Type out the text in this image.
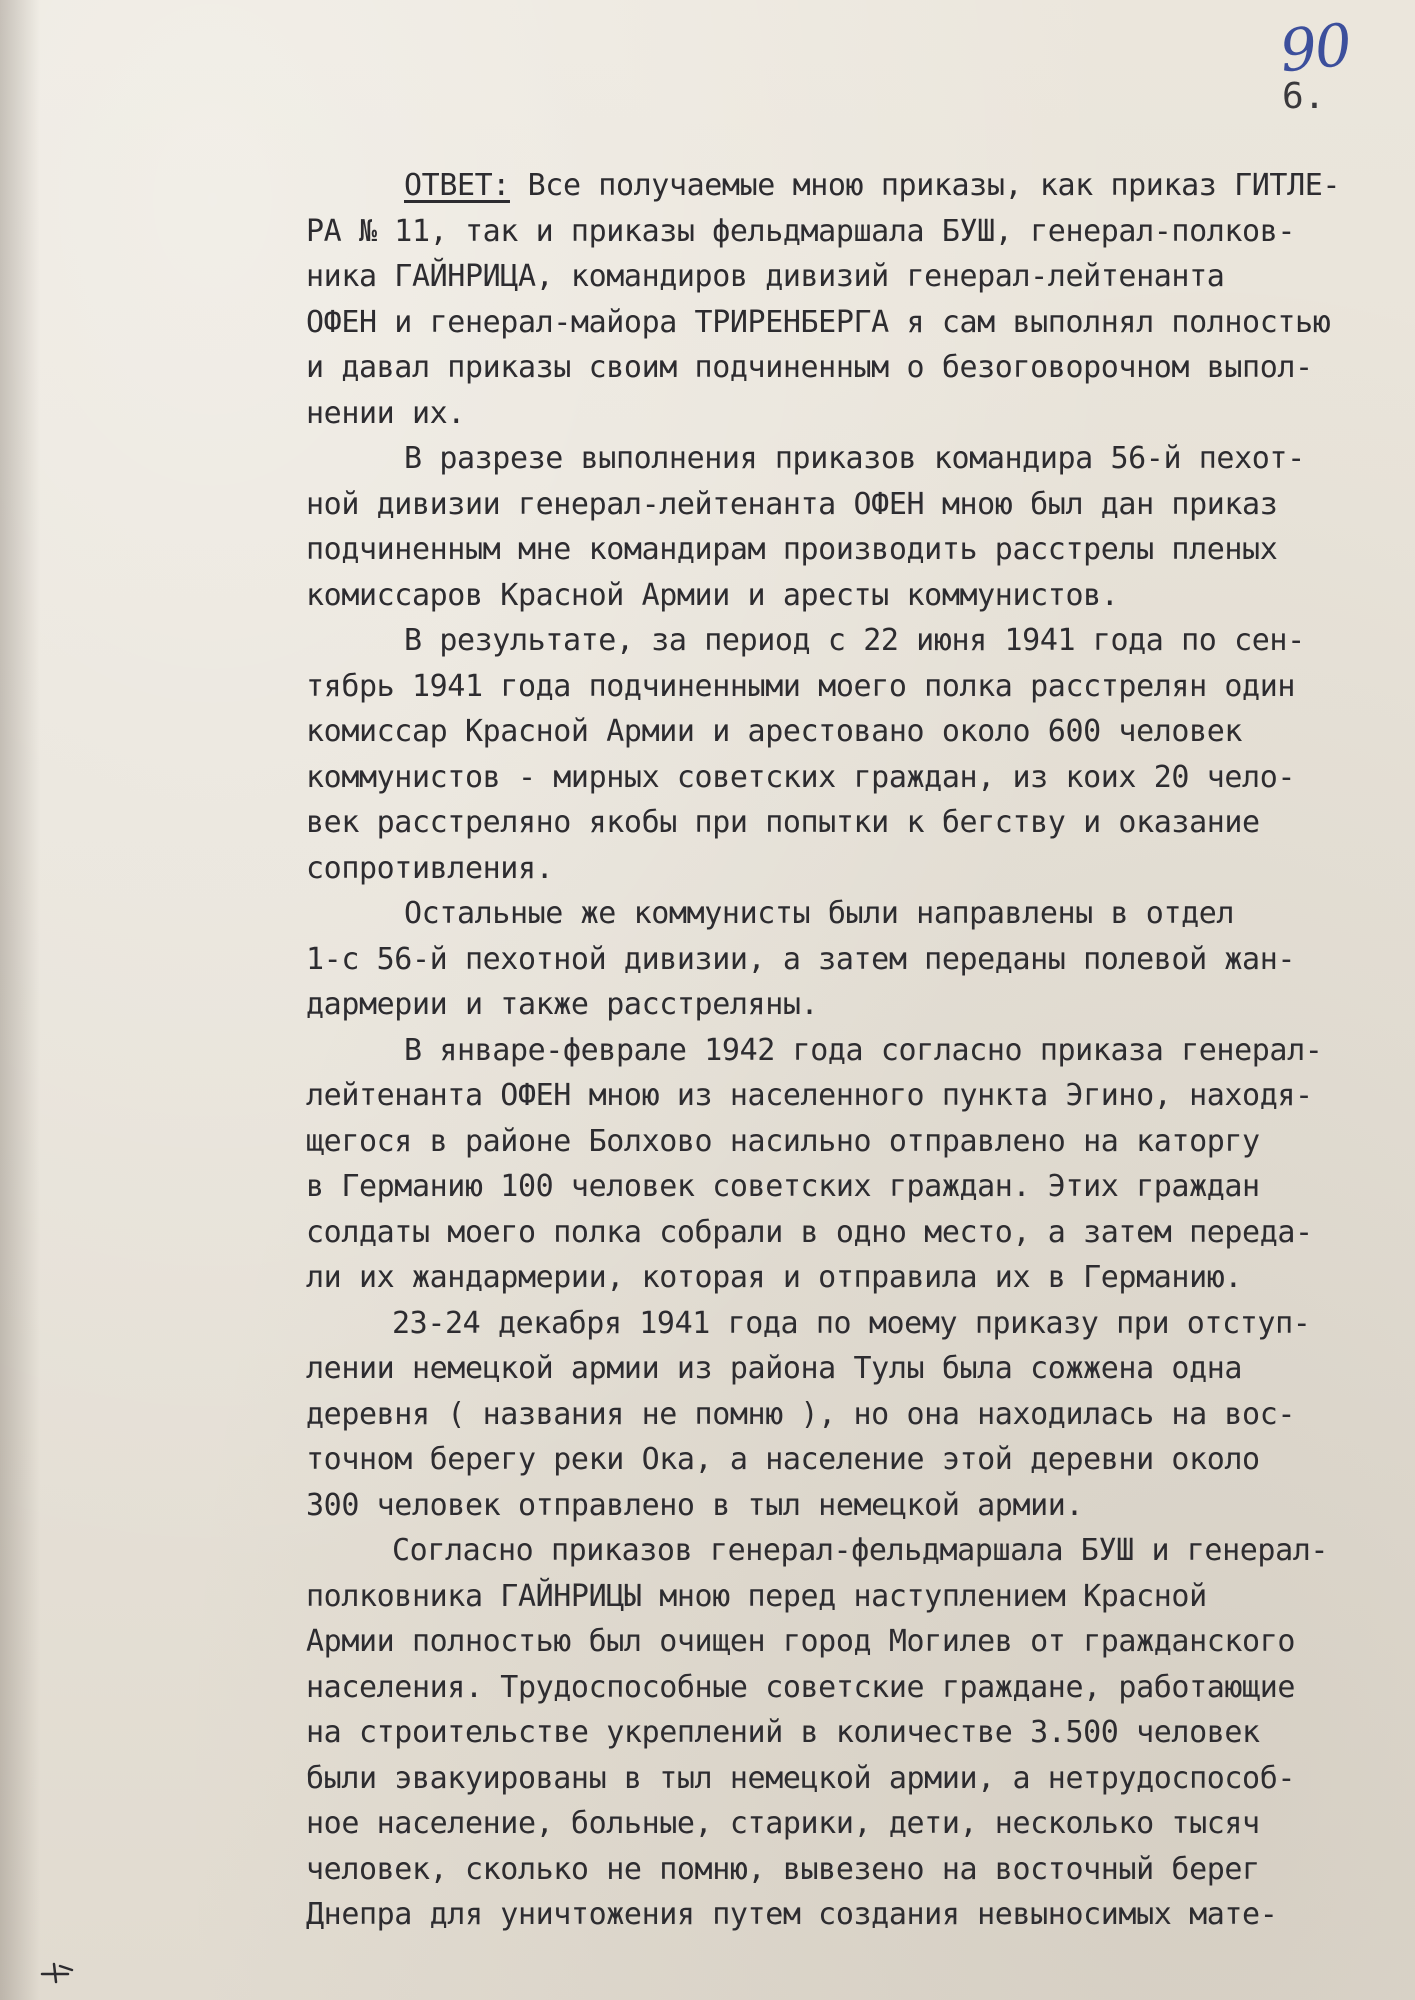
90
6.
ОТВЕТ: Все получаемые мною приказы, как приказ ГИТЛЕ-
РА № 11, так и приказы фельдмаршала БУШ, генерал-полков-
ника ГАЙНРИЦА, командиров дивизий генерал-лейтенанта
ОФЕН и генерал-майора ТРИРЕНБЕРГА я сам выполнял полностью
и давал приказы своим подчиненным о безоговорочном выпол-
нении их.
В разрезе выполнения приказов командира 56-й пехот-
ной дивизии генерал-лейтенанта ОФЕН мною был дан приказ
подчиненным мне командирам производить расстрелы пленых
комиссаров Красной Армии и аресты коммунистов.
В результате, за период с 22 июня 1941 года по сен-
тябрь 1941 года подчиненными моего полка расстрелян один
комиссар Красной Армии и арестовано около 600 человек
коммунистов - мирных советских граждан, из коих 20 чело-
век расстреляно якобы при попытки к бегству и оказание
сопротивления.
Остальные же коммунисты были направлены в отдел
1-с 56-й пехотной дивизии, а затем переданы полевой жан-
дармерии и также расстреляны.
В январе-феврале 1942 года согласно приказа генерал-
лейтенанта ОФЕН мною из населенного пункта Эгино, находя-
щегося в районе Болхово насильно отправлено на каторгу
в Германию 100 человек советских граждан. Этих граждан
солдаты моего полка собрали в одно место, а затем переда-
ли их жандармерии, которая и отправила их в Германию.
23-24 декабря 1941 года по моему приказу при отступ-
лении немецкой армии из района Тулы была сожжена одна
деревня ( названия не помню ), но она находилась на вос-
точном берегу реки Ока, а население этой деревни около
300 человек отправлено в тыл немецкой армии.
Согласно приказов генерал-фельдмаршала БУШ и генерал-
полковника ГАЙНРИЦЫ мною перед наступлением Красной
Армии полностью был очищен город Могилев от гражданского
населения. Трудоспособные советские граждане, работающие
на строительстве укреплений в количестве 3.500 человек
были эвакуированы в тыл немецкой армии, а нетрудоспособ-
ное население, больные, старики, дети, несколько тысяч
человек, сколько не помню, вывезено на восточный берег
Днепра для уничтожения путем создания невыносимых мате-
